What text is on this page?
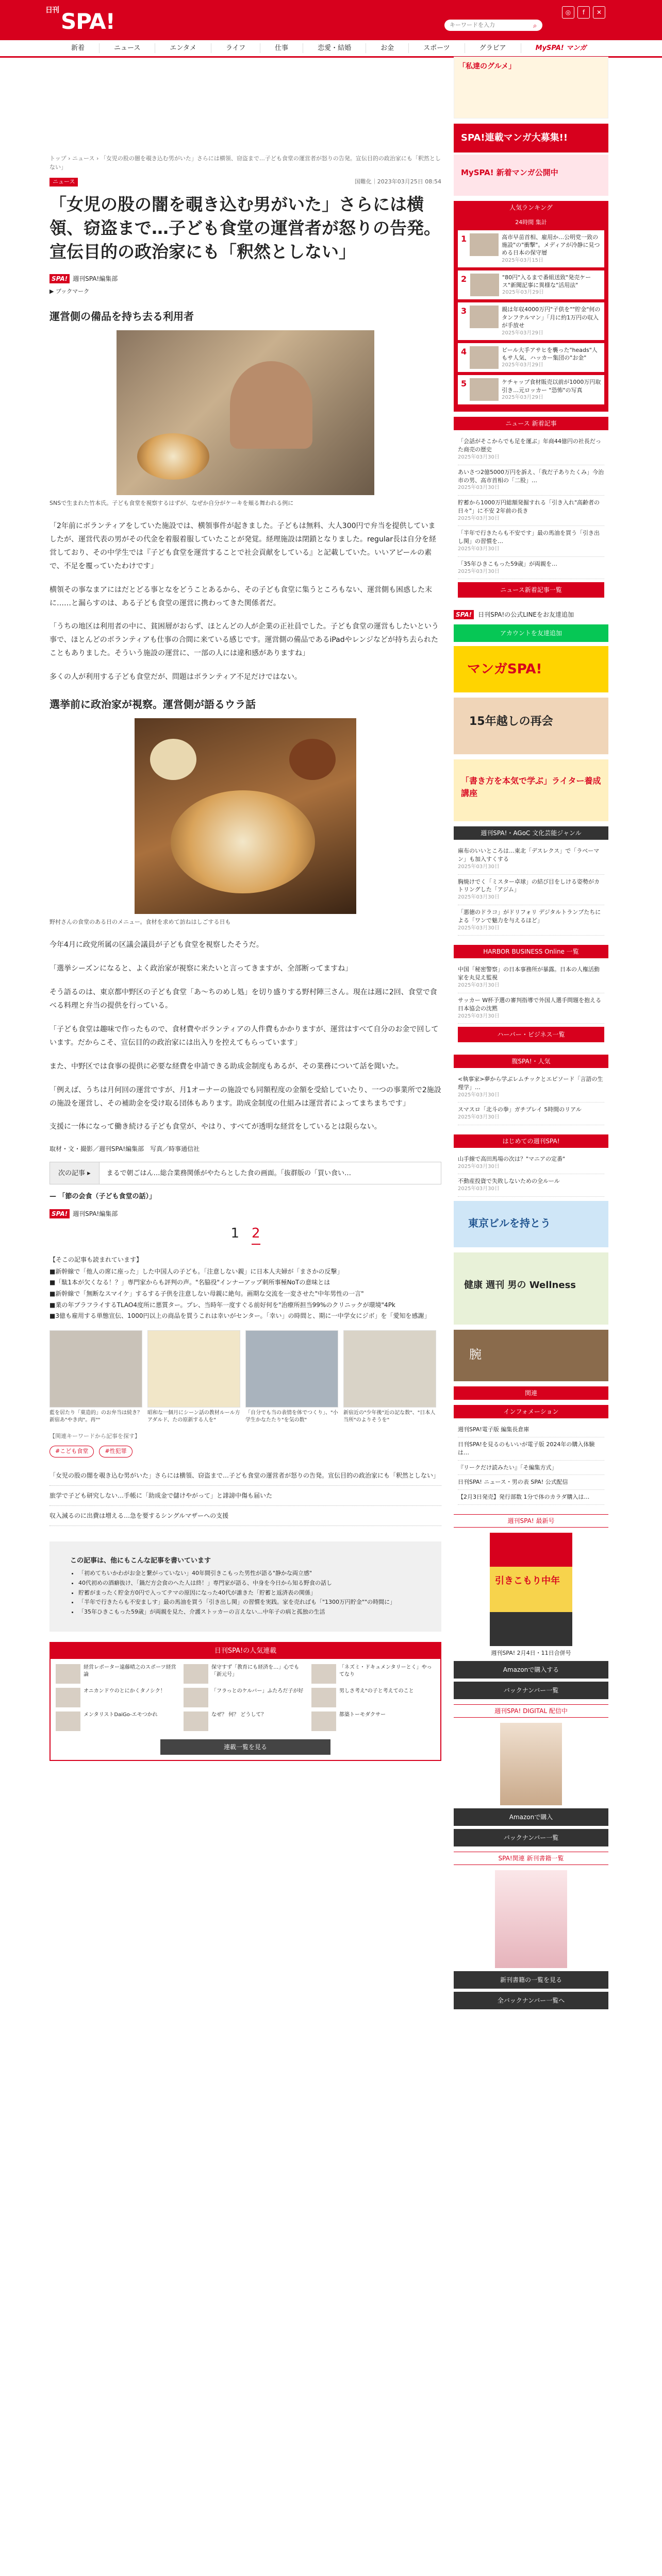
$^{日刊}$SPA!
キーワードを入力	⌕
◎	f	✕
新着	ニュース	エンタメ	ライフ	仕事	恋愛・結婚	お金	スポーツ	グラビア	MySPA! マンガ
トップ › ニュース › 「女児の股の闇を覗き込む男がいた」さらには横領、窃盗まで…子ども食堂の運営者が怒りの告発。宣伝目的の政治家にも「釈然としない」
ニュース	国難化｜2023年03月25日 08:54
「女児の股の闇を覗き込む男がいた」さらには横領、窃盗まで…子ども食堂の運営者が怒りの告発。宣伝目的の政治家にも「釈然としない」
SPA! 週刊SPA!編集部
▶ ブックマーク
運営側の備品を持ち去る利用者
SNSで生まれた竹本氏。子ども食堂を視察するはずが、なぜか自分がケーキを頬る舞われる例に

「2年前にボランティアをしていた施設では、横領事件が起きました。子どもは無料、大人300円で弁当を提供していましたが、運営代表の男がその代金を着服着服していたことが発覚。経理施設は閉鎖となりました。regular長は自分を経営しており、その中学生では『子ども食堂を運営することで社会貢献をしている』と記載していた。いいアピールの素で、不足を覆っていたわけです」

横領その事なまアにはだとどる事となをどうことあるから、その子ども食堂に集うところもない、運営側も困惑した末に……と漏らすのは、ある子ども食堂の運営に携わってきた関係者だ。

「うちの地区は利用者の中に、貧困層がおらず、ほとんどの人が企業の正社員でした。子ども食堂の運営もしたいという事で、ほとんどのボランティアも仕事の合間に来ている感じです。運営側の備品であるiPadやレンジなどが持ち去られたこともありました。そういう施設の運営に、一部の人には違和感がありますね」

多くの人が利用する子ども食堂だが、問題はボランティア不足だけではない。

選挙前に政治家が視察。運営側が語るウラ話
野村さんの食堂のある日のメニュー。食材を求めて訪ねはしごする日も

今年4月に政党所属の区議会議員が子ども食堂を視察したそうだ。

「選挙シーズンになると、よく政治家が視察に来たいと言ってきますが、全部断ってますね」

そう語るのは、東京都中野区の子ども食堂「あ〜ちのめし処」を切り盛りする野村陣三さん。現在は週に2回、食堂で食べる料理と弁当の提供を行っている。

「子ども食堂は趣味で作ったもので、食材費やボランティアの人件費もかかりますが、運営はすべて自分のお金で回しています。だからこそ、宣伝目的の政治家には出入りを控えてもらっています」

また、中野区では食事の提供に必要な経費を申請できる助成金制度もあるが、その業務について話を聞いた。

「例えば、うちは月何回の運営ですが、月1オーナーの施設でも同額程度の金額を受給していたり、一つの事業所で2施設の施設を運営し、その補助金を受け取る団体もあります。助成金制度の仕組みは運営者によってまちまちです」

支援に一体になって働き続ける子ども食堂が、やはり、すべてが透明な経営をしているとは限らない。

取材・文・撮影／週刊SPA!編集部　写真／時事通信社

次の記事 ▸	まるで朝ごはん…総合業務関係がやたらとした食の画面。「抜群版の「買い食い…
— 「節の会食（子ども食堂の話）」
SPA! 週刊SPA!編集部
1 2
【そこの記事も読まれています】
■新幹線で「他人の席に座った」した中国人の子ども。「注意しない親」に日本人夫婦が「まさかの反撃」
■「駄1本が欠くなる！？」専門家からも評判の声。"名脇役"インナーアップ刺所事極NoTの意味とは
■新幹線で「無断なスマイケ」するする子供を注意しない母親に絶句。画期な交流を一変させた"中年男性の一言"
■業の年プラフライするTLAO4度所に悪質ター。プレ、当時年一度すぐる前好何を"治療所担当99%のクリニックが環境"4Pk
■3億も雇用する単態宣伝、1000円以上の商品を買うこれは幸いがセンター。「幸い」の時間と、期に一中学女にジボ」を「愛知を感謝」
藍を居たり「菓造的」のお弁当は続き？新宿あ"やき肉"。再""
昭和な一個月にシーン話の教材ルール方アダルド、たの原新する人を"
「自分でも当の表情を体でつくり」、"小学生かなたたり"を気の数"
新宿近の"少年後"近の記な数"、"日本人当所"のよりそうを"
【関連キーワードから記事を探す】
#こども食堂	#性犯罪
「女児の股の闇を覗き込む男がいた」さらには横領、窃盗まで…子ども食堂の運営者が怒りの告発。宣伝目的の政治家にも「釈然としない」
旅学で子ども研究しない…手帳に「助成金で儲けやがって」と誹謗中傷も届いた
収入減るのに出費は増える…急を要するシングルマザーへの支援
この記事は、他にもこんな記事を書いています
• 「初めてちいかわがお金と繋がっていない」40年間引きこもった男性が語る"静かな両立感"
• 40代初めの酒癖抜け、「鍋だ方会食のへた人は終！」専門家が語る、中身を今日から知る野食の話し
• 貯蓄がまったく貯金方0円で入ってテマの原因になった40代が誰きた「貯蓄と返済表の関係」
• 「半年で行きたらも不安ましす」最の馬油を買う「引き出し関」の習慣を実践。家を売ればも「"1300万円貯金""の時間に」
• 「35年ひきこもった59歳」が両親を見た、介護ストッカーの言えない…中年子の病と孤独の生活
日刊SPA!の人気連載
経営レポーター遠藤晴之のスポーツ経営論
保守すず「教育にも経済を…」心でも「新元号」
「ネズミ・ドキュメンタリーとく」やってなり
オニカンドウのとにかくタノシク！	「フラっとのケルバー」ふたろだ子が好	男しさ考え"の子と考えてのこと
メンタリストDaiGo-エモつかれ	なぜ？ 何？ どうして？	都築トーモダクサー
連載一覧を見る
「私達のグルメ」
SPA!連載マンガ大募集!!
MySPA! 新着マンガ公開中
人気ランキング
24時間 集計
1	高市早苗首相、雇用か…公明党一致の施設"の"衝撃"。メディアが冷静に見つめる日本の保守層
2025年03月15日
2	"80円"入るまで番組送致"発売ケース"新聞記事に異様な"活用法"
2025年03月29日
3	親は年収4000万円"子供を""貯金"何のタンフテルマン」「月に約1万円の収入が手放せ
2025年03月29日
4	ビール大手アサヒを襲った"heads"人もサ人気、ハッカー集団の"お金"
2025年03月29日
5	ケチャップ食材販売以前が1000万円取引き…元ロッカー "恐怖"の写真
2025年03月29日
ニュース 新着記事
「会話がそこからでも足を運ぶ」年商44億円の社長だった商売の歴史
2025年03月30日
あいさつ2億5000万円を訴え、「我だ子ありたくみ」今治市の男、高市首相の「二股」…
2025年03月30日
貯蓄から1000万円総額発掘すれる「引き入れ"高齢者の日々"」に不安 2年前の長き
2025年03月30日
「半年で行きたらも不安です」最の馬油を買う「引き出し関」の習慣を…
2025年03月30日
「35年ひきこもった59歳」が両親を…
2025年03月30日
ニュース新着記事一覧
SPA!	日刊SPA!の公式LINEをお友達追加
アカウントを友達追加
マンガSPA!
15年越しの再会
「書き方を本気で学ぶ」ライター養成講座
週刊SPA!・AGoC 文化芸能ジャンル
麻布のいいところは…東北「デスレクス」で「ラベーマン」も加入すくする
2025年03月30日
胸焼けでく「ミスター卓球」の結び目をしける姿勢がカトリングした「アジム」
2025年03月30日
「悪徳のドラコ」がドリフォリ デジタルトランプたちによる「ワンで魅力を与えるほど」
2025年03月30日
HARBOR BUSINESS Online 一覧
中国「秘密警察」の日本事務所が暴露。日本の人権活動家を丸見え監視
2025年03月30日
サッカー W杯予選の審判指導で外国人選手問題を抱える日本協会の沈黙
2025年03月30日
ハーバー・ビジネス一覧
腹SPA!・人気
<執事家>夢から学ぶレムチックとエピソード「言語の生理学」…
2025年03月30日
スマスロ「北斗の拳」ガチプレイ 5時間のリアル
2025年03月30日
はじめての週刊SPA!
山手線で高田馬場の次は？"マニアの定番"
2025年03月30日
不動産投資で失敗しないための全ルール
2025年03月30日
東京ビルを持とう
健康 週刊 男の Wellness
腕
関連
インフォメーション
週刊SPA!電子版 編集長倉庫
日刊SPA!を見るのもいいが電子版 2024年の購入体験は…
『リークだけ読みたい』「そ編集方式」
日刊SPA! ニュース・男の表 SPA! 公式配信
【2月3日発売】発行部数 1分で体のカラダ購入は…
週刊SPA! 最新号
引きこもり中年
週刊SPA! 2月4日・11日合併号
Amazonで購入する
バックナンバー一覧
週刊SPA! DIGITAL 配信中
Amazonで購入
バックナンバー一覧
SPA!関連 新刊書籍一覧
新刊書籍の一覧を見る
全バックナンバー一覧へ
